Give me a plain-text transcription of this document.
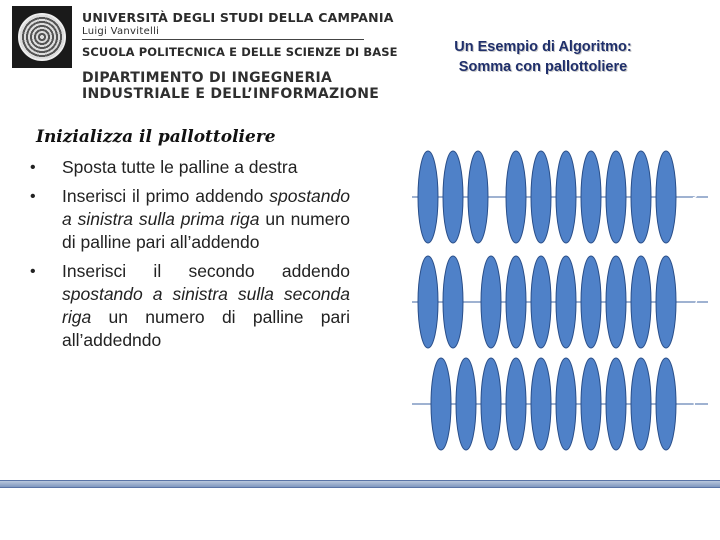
UNIVERSITÀ DEGLI STUDI DELLA CAMPANIA
Luigi Vanvitelli
SCUOLA POLITECNICA E DELLE SCIENZE DI BASE
DIPARTIMENTO DI INGEGNERIA
INDUSTRIALE E DELL’INFORMAZIONE
Un Esempio di Algoritmo:
Somma con pallottoliere
Inizializza il pallottoliere
• Sposta tutte le palline a destra
• Inserisci il primo addendo spostando a sinistra sulla prima riga un numero di palline pari all’addendo
• Inserisci il secondo addendo spostando a sinistra sulla seconda riga un numero di palline pari all’addedndo
3
2
1
